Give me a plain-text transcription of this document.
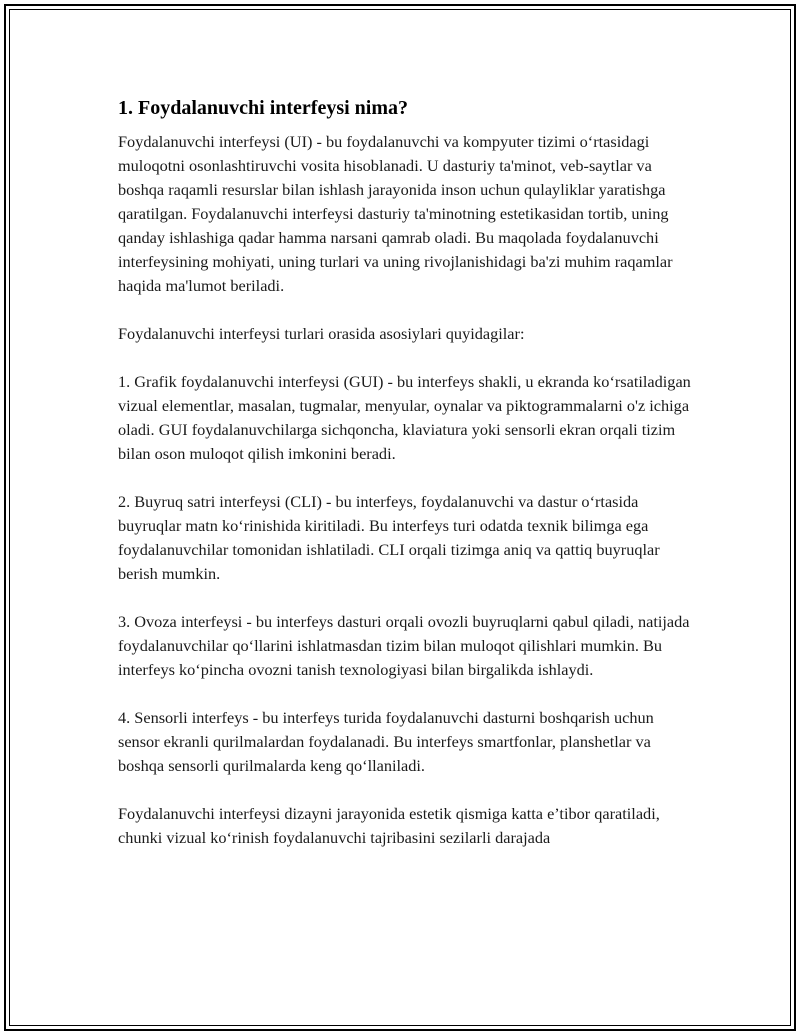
1. Foydalanuvchi interfeysi nima?

Foydalanuvchi interfeysi (UI) - bu foydalanuvchi va kompyuter tizimi o‘rtasidagi muloqotni osonlashtiruvchi vosita hisoblanadi. U dasturiy ta'minot, veb-saytlar va boshqa raqamli resurslar bilan ishlash jarayonida inson uchun qulayliklar yaratishga qaratilgan. Foydalanuvchi interfeysi dasturiy ta'minotning estetikasidan tortib, uning qanday ishlashiga qadar hamma narsani qamrab oladi. Bu maqolada foydalanuvchi interfeysining mohiyati, uning turlari va uning rivojlanishidagi ba'zi muhim raqamlar haqida ma'lumot beriladi.

Foydalanuvchi interfeysi turlari orasida asosiylari quyidagilar:

1. Grafik foydalanuvchi interfeysi (GUI) - bu interfeys shakli, u ekranda ko‘rsatiladigan vizual elementlar, masalan, tugmalar, menyular, oynalar va piktogrammalarni o'z ichiga oladi. GUI foydalanuvchilarga sichqoncha, klaviatura yoki sensorli ekran orqali tizim bilan oson muloqot qilish imkonini beradi.

2. Buyruq satri interfeysi (CLI) - bu interfeys, foydalanuvchi va dastur o‘rtasida buyruqlar matn ko‘rinishida kiritiladi. Bu interfeys turi odatda texnik bilimga ega foydalanuvchilar tomonidan ishlatiladi. CLI orqali tizimga aniq va qattiq buyruqlar berish mumkin.

3. Ovoza interfeysi - bu interfeys dasturi orqali ovozli buyruqlarni qabul qiladi, natijada foydalanuvchilar qo‘llarini ishlatmasdan tizim bilan muloqot qilishlari mumkin. Bu interfeys ko‘pincha ovozni tanish texnologiyasi bilan birgalikda ishlaydi.

4. Sensorli interfeys - bu interfeys turida foydalanuvchi dasturni boshqarish uchun sensor ekranli qurilmalardan foydalanadi. Bu interfeys smartfonlar, planshetlar va boshqa sensorli qurilmalarda keng qo‘llaniladi.

Foydalanuvchi interfeysi dizayni jarayonida estetik qismiga katta e’tibor qaratiladi, chunki vizual ko‘rinish foydalanuvchi tajribasini sezilarli darajada
